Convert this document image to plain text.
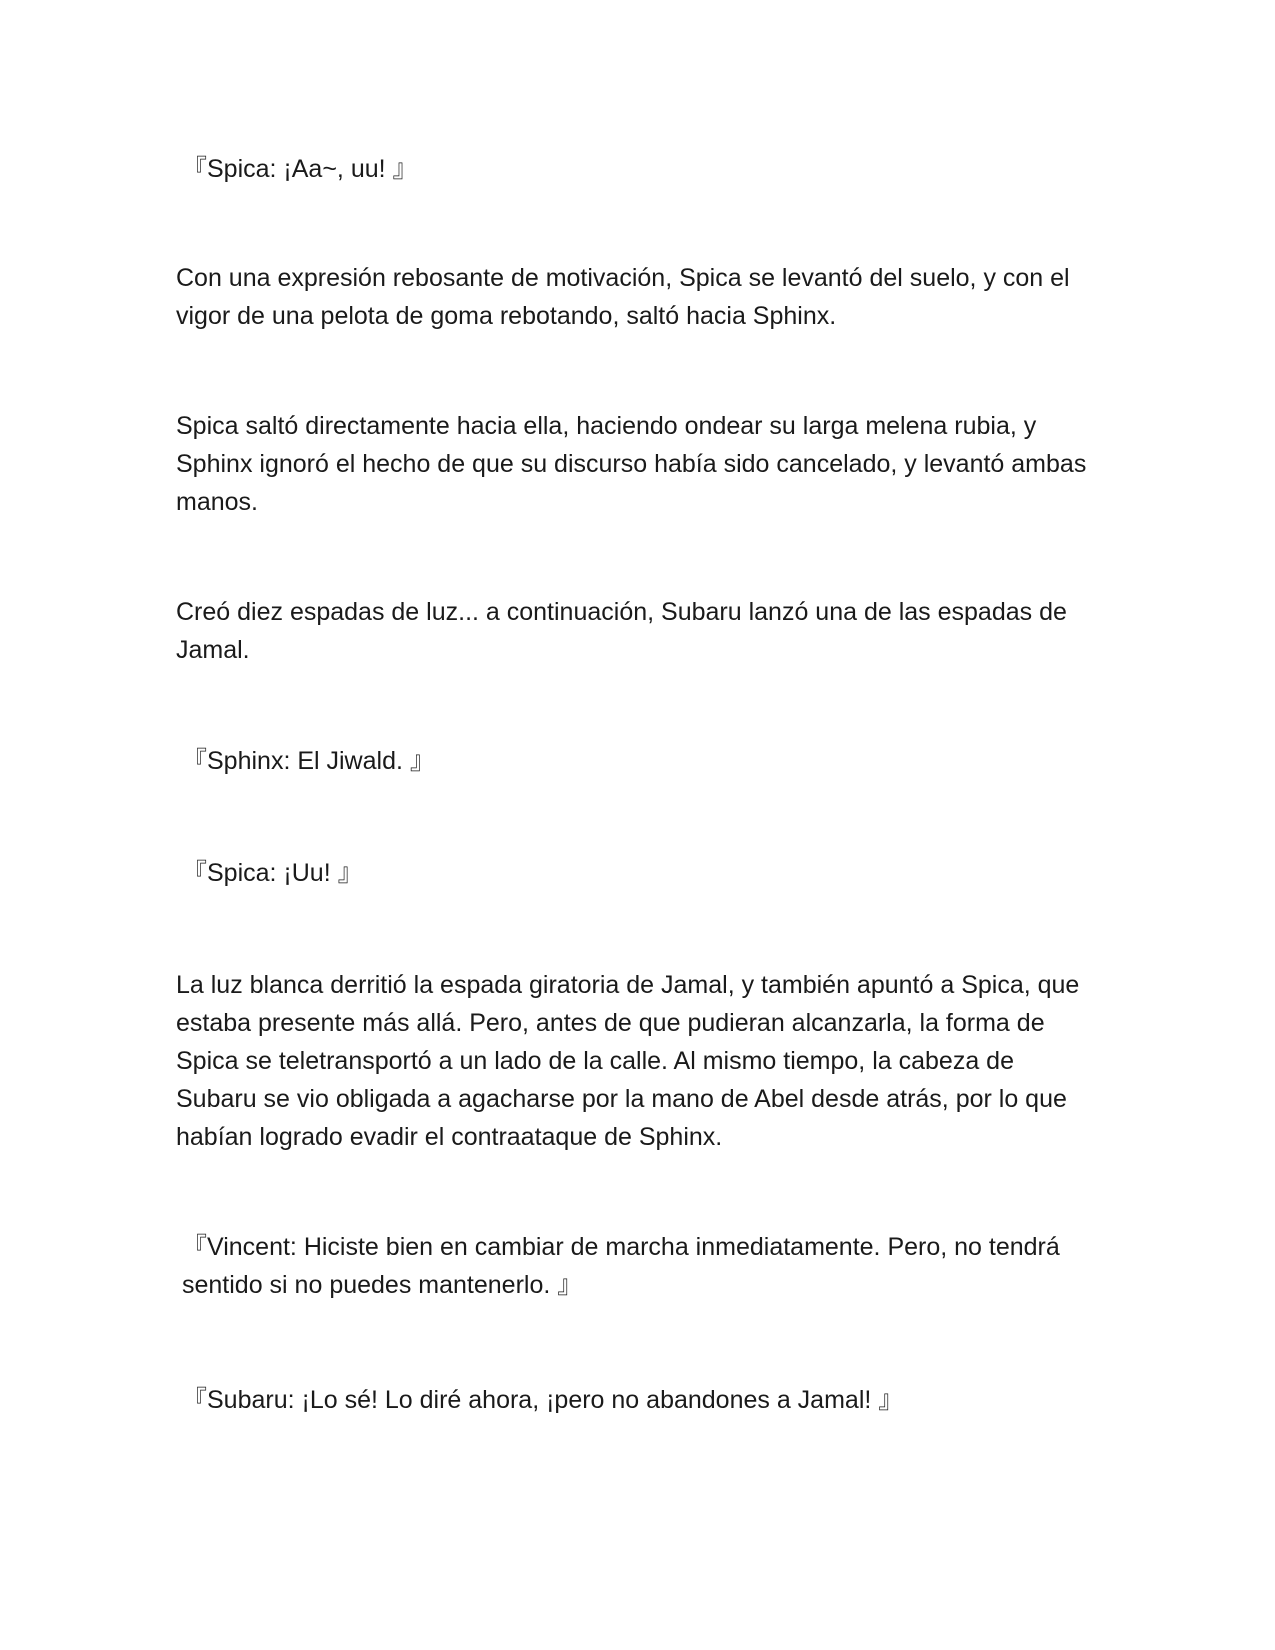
『Spica: ¡Aa~, uu! 』

Con una expresión rebosante de motivación, Spica se levantó del suelo, y con el vigor de una pelota de goma rebotando, saltó hacia Sphinx.

Spica saltó directamente hacia ella, haciendo ondear su larga melena rubia, y Sphinx ignoró el hecho de que su discurso había sido cancelado, y levantó ambas manos.

Creó diez espadas de luz... a continuación, Subaru lanzó una de las espadas de Jamal.

『Sphinx: El Jiwald. 』

『Spica: ¡Uu! 』

La luz blanca derritió la espada giratoria de Jamal, y también apuntó a Spica, que estaba presente más allá. Pero, antes de que pudieran alcanzarla, la forma de Spica se teletransportó a un lado de la calle. Al mismo tiempo, la cabeza de Subaru se vio obligada a agacharse por la mano de Abel desde atrás, por lo que habían logrado evadir el contraataque de Sphinx.

『Vincent: Hiciste bien en cambiar de marcha inmediatamente. Pero, no tendrá sentido si no puedes mantenerlo. 』

『Subaru: ¡Lo sé! Lo diré ahora, ¡pero no abandones a Jamal! 』
